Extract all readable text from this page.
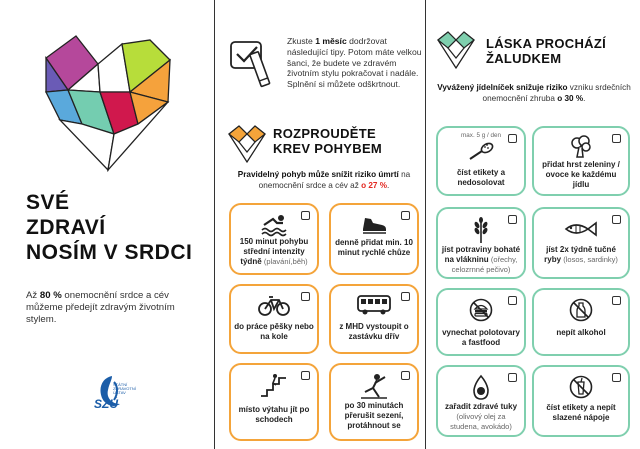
SVÉ
ZDRAVÍ
NOSÍM V SRDCI
Až 80 % onemocnění srdce a cév můžeme předejít zdravým životním stylem.
STÁTNÍ
ZDRAVOTNÍ
ÚSTAV
SZÚ
Zkuste 1 měsíc dodržovat následující tipy. Potom máte velkou šanci, že budete ve zdravém životním stylu pokračovat i nadále. Splnění si můžete odškrtnout.
ROZPROUDĚTE
KREV POHYBEM
Pravidelný pohyb může snížit riziko úmrtí na onemocnění srdce a cév až o 27 %.
150 minut pohybu střední intenzity týdně (plavání,běh)
denně přidat min. 10 minut rychlé chůze
do práce pěšky nebo na kole
z MHD vystoupit o zastávku dřív
místo výtahu jít po schodech
po 30 minutách přerušit sezení, protáhnout se
LÁSKA PROCHÁZÍ
ŽALUDKEM
Vyvážený jídelníček snižuje riziko vzniku srdečních onemocnění zhruba o 30 %.
max. 5 g / den
číst etikety a nedosolovat
přidat hrst zeleniny / ovoce ke každému jídlu
jíst potraviny bohaté na vlákninu (ořechy, celozrnné pečivo)
jíst 2x týdně tučné ryby (losos, sardinky)
vynechat polotovary a fastfood
nepít alkohol
zařadit zdravé tuky (olivový olej za studena, avokádo)
číst etikety a nepít slazené nápoje
